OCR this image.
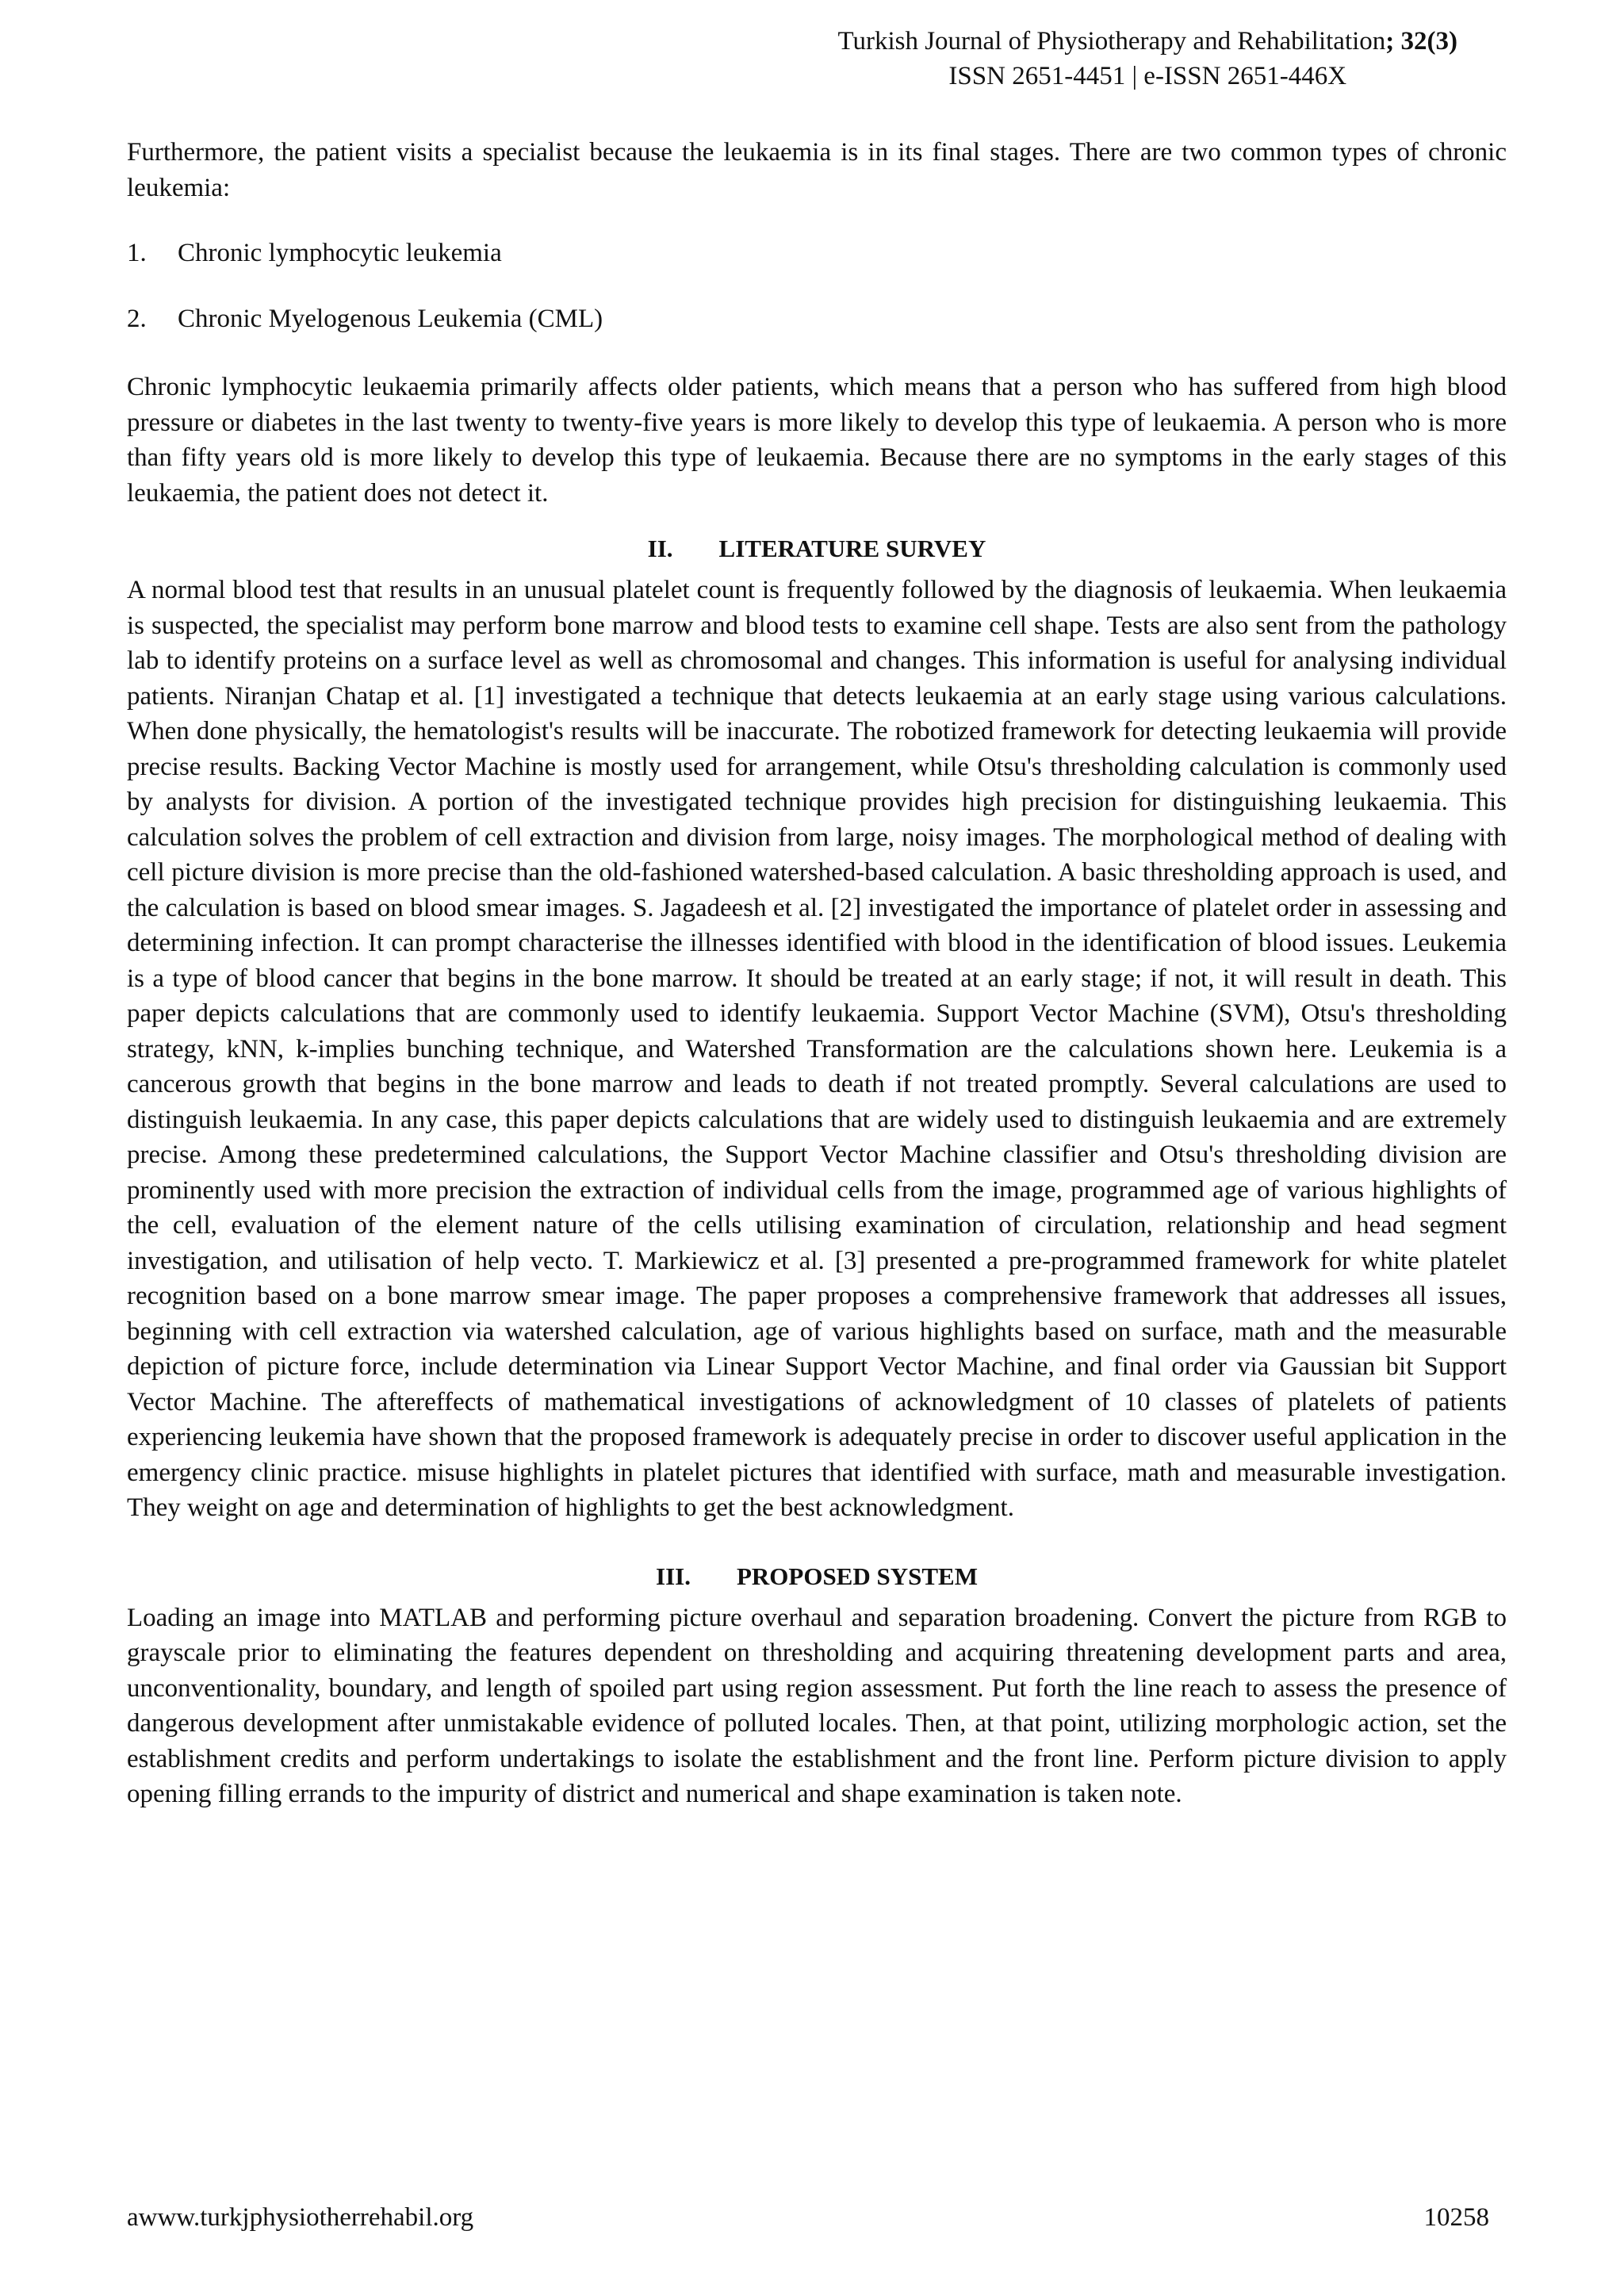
Turkish Journal of Physiotherapy and Rehabilitation; 32(3)
ISSN 2651-4451 | e-ISSN 2651-446X

Furthermore, the patient visits a specialist because the leukaemia is in its final stages. There are two common types of chronic leukemia:

1.	Chronic lymphocytic leukemia
2.	Chronic Myelogenous Leukemia (CML)

Chronic lymphocytic leukaemia primarily affects older patients, which means that a person who has suffered from high blood pressure or diabetes in the last twenty to twenty-five years is more likely to develop this type of leukaemia. A person who is more than fifty years old is more likely to develop this type of leukaemia. Because there are no symptoms in the early stages of this leukaemia, the patient does not detect it.

II. LITERATURE SURVEY

A normal blood test that results in an unusual platelet count is frequently followed by the diagnosis of leukaemia. When leukaemia is suspected, the specialist may perform bone marrow and blood tests to examine cell shape. Tests are also sent from the pathology lab to identify proteins on a surface level as well as chromosomal and changes. This information is useful for analysing individual patients. Niranjan Chatap et al. [1] investigated a technique that detects leukaemia at an early stage using various calculations. When done physically, the hematologist's results will be inaccurate. The robotized framework for detecting leukaemia will provide precise results. Backing Vector Machine is mostly used for arrangement, while Otsu's thresholding calculation is commonly used by analysts for division. A portion of the investigated technique provides high precision for distinguishing leukaemia. This calculation solves the problem of cell extraction and division from large, noisy images. The morphological method of dealing with cell picture division is more precise than the old-fashioned watershed-based calculation. A basic thresholding approach is used, and the calculation is based on blood smear images. S. Jagadeesh et al. [2] investigated the importance of platelet order in assessing and determining infection. It can prompt characterise the illnesses identified with blood in the identification of blood issues. Leukemia is a type of blood cancer that begins in the bone marrow. It should be treated at an early stage; if not, it will result in death. This paper depicts calculations that are commonly used to identify leukaemia. Support Vector Machine (SVM), Otsu's thresholding strategy, kNN, k-implies bunching technique, and Watershed Transformation are the calculations shown here. Leukemia is a cancerous growth that begins in the bone marrow and leads to death if not treated promptly. Several calculations are used to distinguish leukaemia. In any case, this paper depicts calculations that are widely used to distinguish leukaemia and are extremely precise. Among these predetermined calculations, the Support Vector Machine classifier and Otsu's thresholding division are prominently used with more precision the extraction of individual cells from the image, programmed age of various highlights of the cell, evaluation of the element nature of the cells utilising examination of circulation, relationship and head segment investigation, and utilisation of help vecto. T. Markiewicz et al. [3] presented a pre-programmed framework for white platelet recognition based on a bone marrow smear image. The paper proposes a comprehensive framework that addresses all issues, beginning with cell extraction via watershed calculation, age of various highlights based on surface, math and the measurable depiction of picture force, include determination via Linear Support Vector Machine, and final order via Gaussian bit Support Vector Machine. The aftereffects of mathematical investigations of acknowledgment of 10 classes of platelets of patients experiencing leukemia have shown that the proposed framework is adequately precise in order to discover useful application in the emergency clinic practice. misuse highlights in platelet pictures that identified with surface, math and measurable investigation. They weight on age and determination of highlights to get the best acknowledgment.

III. PROPOSED SYSTEM

Loading an image into MATLAB and performing picture overhaul and separation broadening. Convert the picture from RGB to grayscale prior to eliminating the features dependent on thresholding and acquiring threatening development parts and area, unconventionality, boundary, and length of spoiled part using region assessment. Put forth the line reach to assess the presence of dangerous development after unmistakable evidence of polluted locales. Then, at that point, utilizing morphologic action, set the establishment credits and perform undertakings to isolate the establishment and the front line. Perform picture division to apply opening filling errands to the impurity of district and numerical and shape examination is taken note.

awww.turkjphysiotherrehabil.org	10258
